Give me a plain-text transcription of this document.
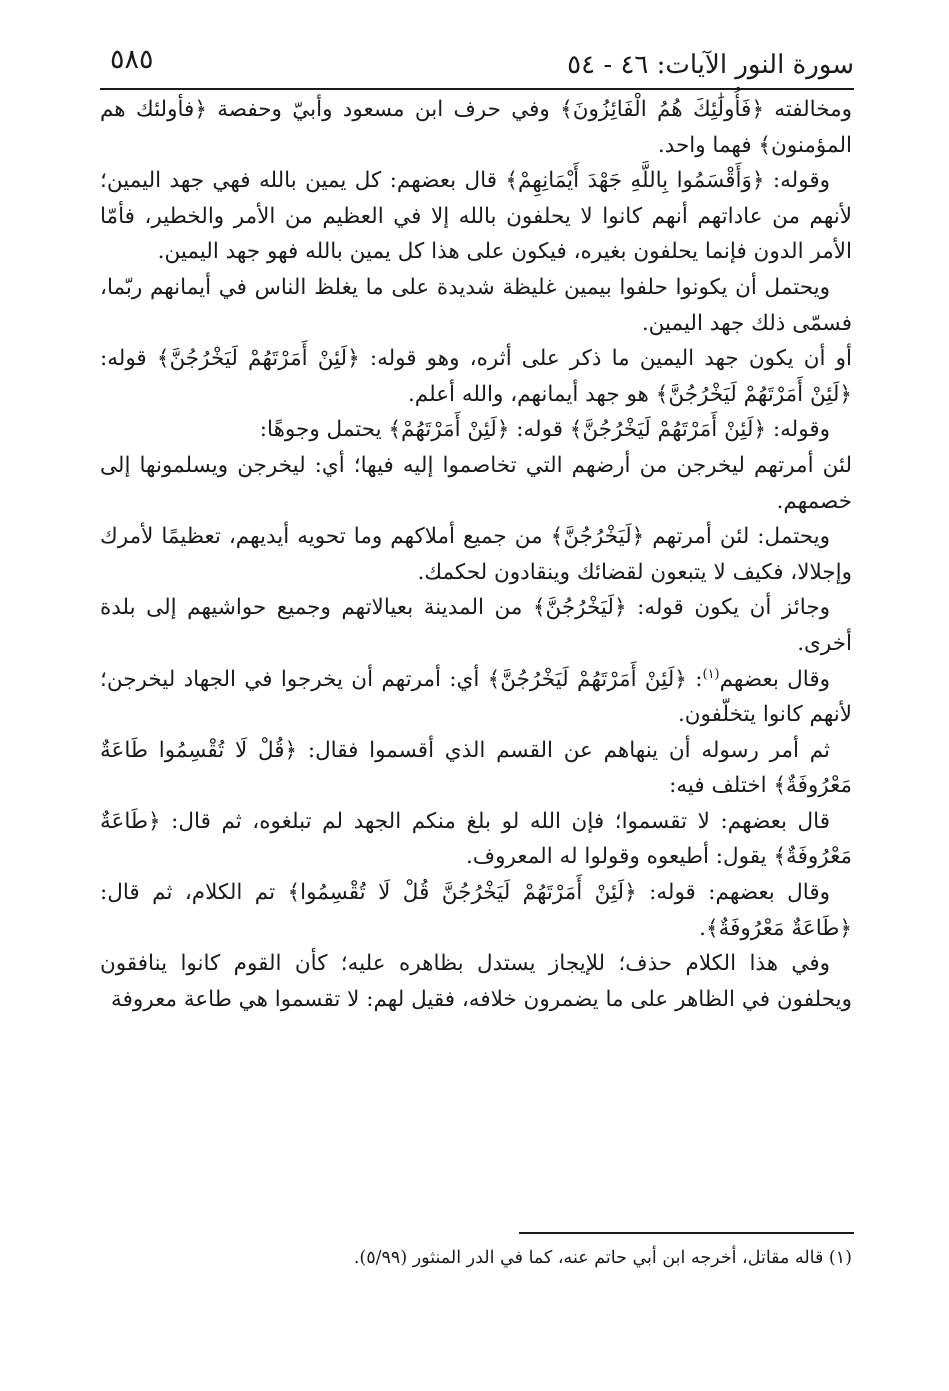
سورة النور الآيات: ٤٦ - ٥٤
٥٨٥

ومخالفته ﴿فَأُولَٰئِكَ هُمُ الْفَائِزُونَ﴾ وفي حرف ابن مسعود وأبيّ وحفصة ﴿فأولئك هم المؤمنون﴾ فهما واحد.

وقوله: ﴿وَأَقْسَمُوا بِاللَّهِ جَهْدَ أَيْمَانِهِمْ﴾ قال بعضهم: كل يمين بالله فهي جهد اليمين؛ لأنهم من عاداتهم أنهم كانوا لا يحلفون بالله إلا في العظيم من الأمر والخطير، فأمّا الأمر الدون فإنما يحلفون بغيره، فيكون على هذا كل يمين بالله فهو جهد اليمين.

ويحتمل أن يكونوا حلفوا بيمين غليظة شديدة على ما يغلظ الناس في أيمانهم ربّما، فسمّى ذلك جهد اليمين.

أو أن يكون جهد اليمين ما ذكر على أثره، وهو قوله: ﴿لَئِنْ أَمَرْتَهُمْ لَيَخْرُجُنَّ﴾ قوله: ﴿لَئِنْ أَمَرْتَهُمْ لَيَخْرُجُنَّ﴾ هو جهد أيمانهم، والله أعلم.

وقوله: ﴿لَئِنْ أَمَرْتَهُمْ لَيَخْرُجُنَّ﴾ قوله: ﴿لَئِنْ أَمَرْتَهُمْ﴾ يحتمل وجوهًا:

لئن أمرتهم ليخرجن من أرضهم التي تخاصموا إليه فيها؛ أي: ليخرجن ويسلمونها إلى خصمهم.

ويحتمل: لئن أمرتهم ﴿لَيَخْرُجُنَّ﴾ من جميع أملاكهم وما تحويه أيديهم، تعظيمًا لأمرك وإجلالا، فكيف لا يتبعون لقضائك وينقادون لحكمك.

وجائز أن يكون قوله: ﴿لَيَخْرُجُنَّ﴾ من المدينة بعيالاتهم وجميع حواشيهم إلى بلدة أخرى.

وقال بعضهم$^{(١)}$: ﴿لَئِنْ أَمَرْتَهُمْ لَيَخْرُجُنَّ﴾ أي: أمرتهم أن يخرجوا في الجهاد ليخرجن؛ لأنهم كانوا يتخلّفون.

ثم أمر رسوله أن ينهاهم عن القسم الذي أقسموا فقال: ﴿قُلْ لَا تُقْسِمُوا طَاعَةٌ مَعْرُوفَةٌ﴾ اختلف فيه:

قال بعضهم: لا تقسموا؛ فإن الله لو بلغ منكم الجهد لم تبلغوه، ثم قال: ﴿طَاعَةٌ مَعْرُوفَةٌ﴾ يقول: أطيعوه وقولوا له المعروف.

وقال بعضهم: قوله: ﴿لَئِنْ أَمَرْتَهُمْ لَيَخْرُجُنَّ قُلْ لَا تُقْسِمُوا﴾ تم الكلام، ثم قال: ﴿طَاعَةٌ مَعْرُوفَةٌ﴾.

وفي هذا الكلام حذف؛ للإيجاز يستدل بظاهره عليه؛ كأن القوم كانوا ينافقون ويحلفون في الظاهر على ما يضمرون خلافه، فقيل لهم: لا تقسموا هي طاعة معروفة

(١) قاله مقاتل، أخرجه ابن أبي حاتم عنه، كما في الدر المنثور (٥/٩٩).
